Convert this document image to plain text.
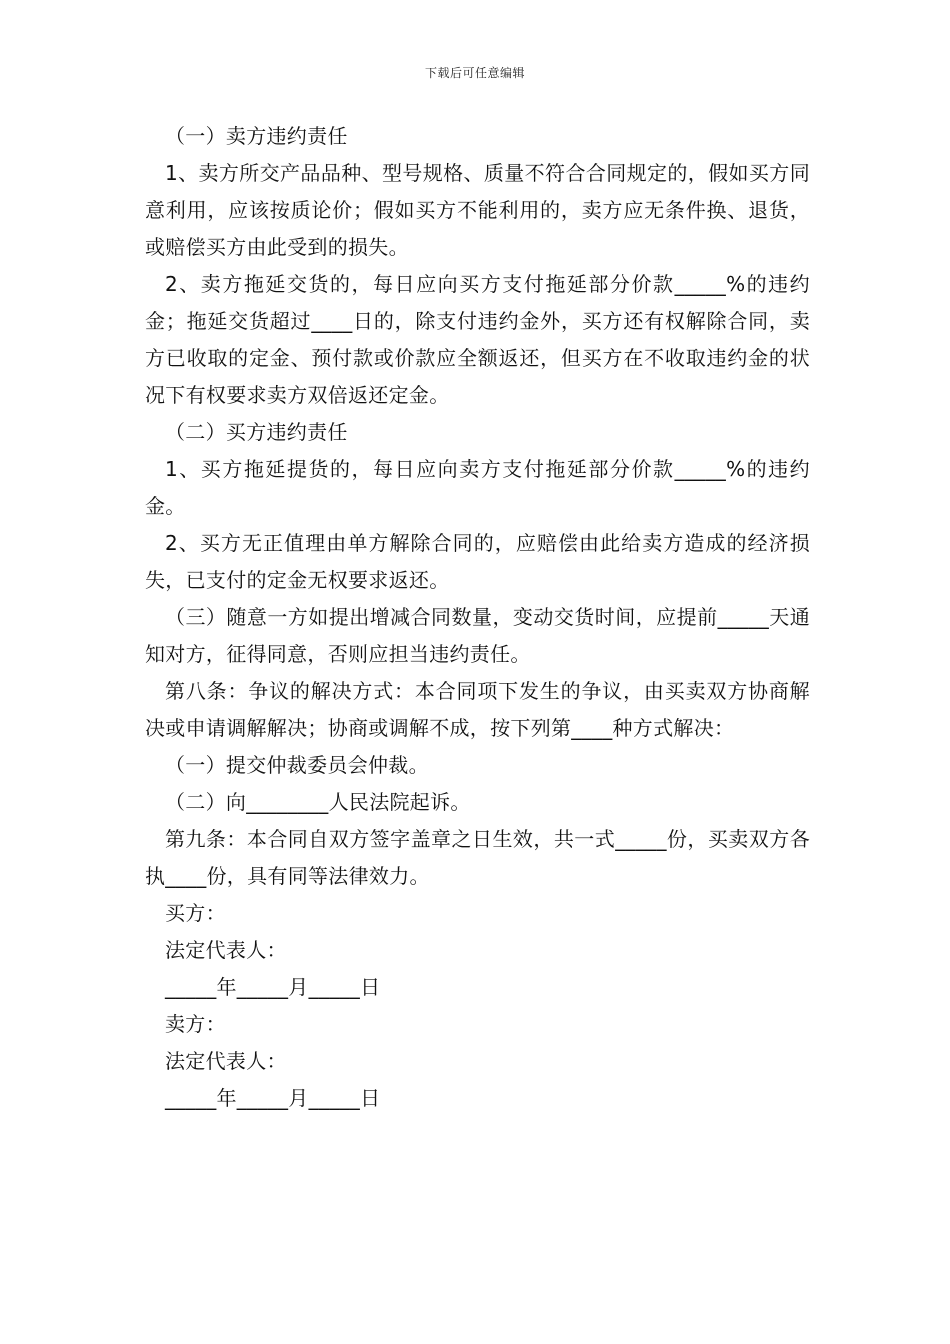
下载后可任意编辑

（一）卖方违约责任

1、卖方所交产品品种、型号规格、质量不符合合同规定的，假如买方同意利用，应该按质论价；假如买方不能利用的，卖方应无条件换、退货，或赔偿买方由此受到的损失。

2、卖方拖延交货的，每日应向买方支付拖延部分价款_____%的违约金；拖延交货超过____日的，除支付违约金外，买方还有权解除合同，卖方已收取的定金、预付款或价款应全额返还，但买方在不收取违约金的状况下有权要求卖方双倍返还定金。

（二）买方违约责任

1、买方拖延提货的，每日应向卖方支付拖延部分价款_____%的违约金。

2、买方无正值理由单方解除合同的，应赔偿由此给卖方造成的经济损失，已支付的定金无权要求返还。

（三）随意一方如提出增减合同数量，变动交货时间，应提前_____天通知对方，征得同意，否则应担当违约责任。

第八条：争议的解决方式：本合同项下发生的争议，由买卖双方协商解决或申请调解解决；协商或调解不成，按下列第____种方式解决：

（一）提交仲裁委员会仲裁。

（二）向________人民法院起诉。

第九条：本合同自双方签字盖章之日生效，共一式_____份，买卖双方各执____份，具有同等法律效力。

买方：

法定代表人：

_____年_____月_____日

卖方：

法定代表人：

_____年_____月_____日
